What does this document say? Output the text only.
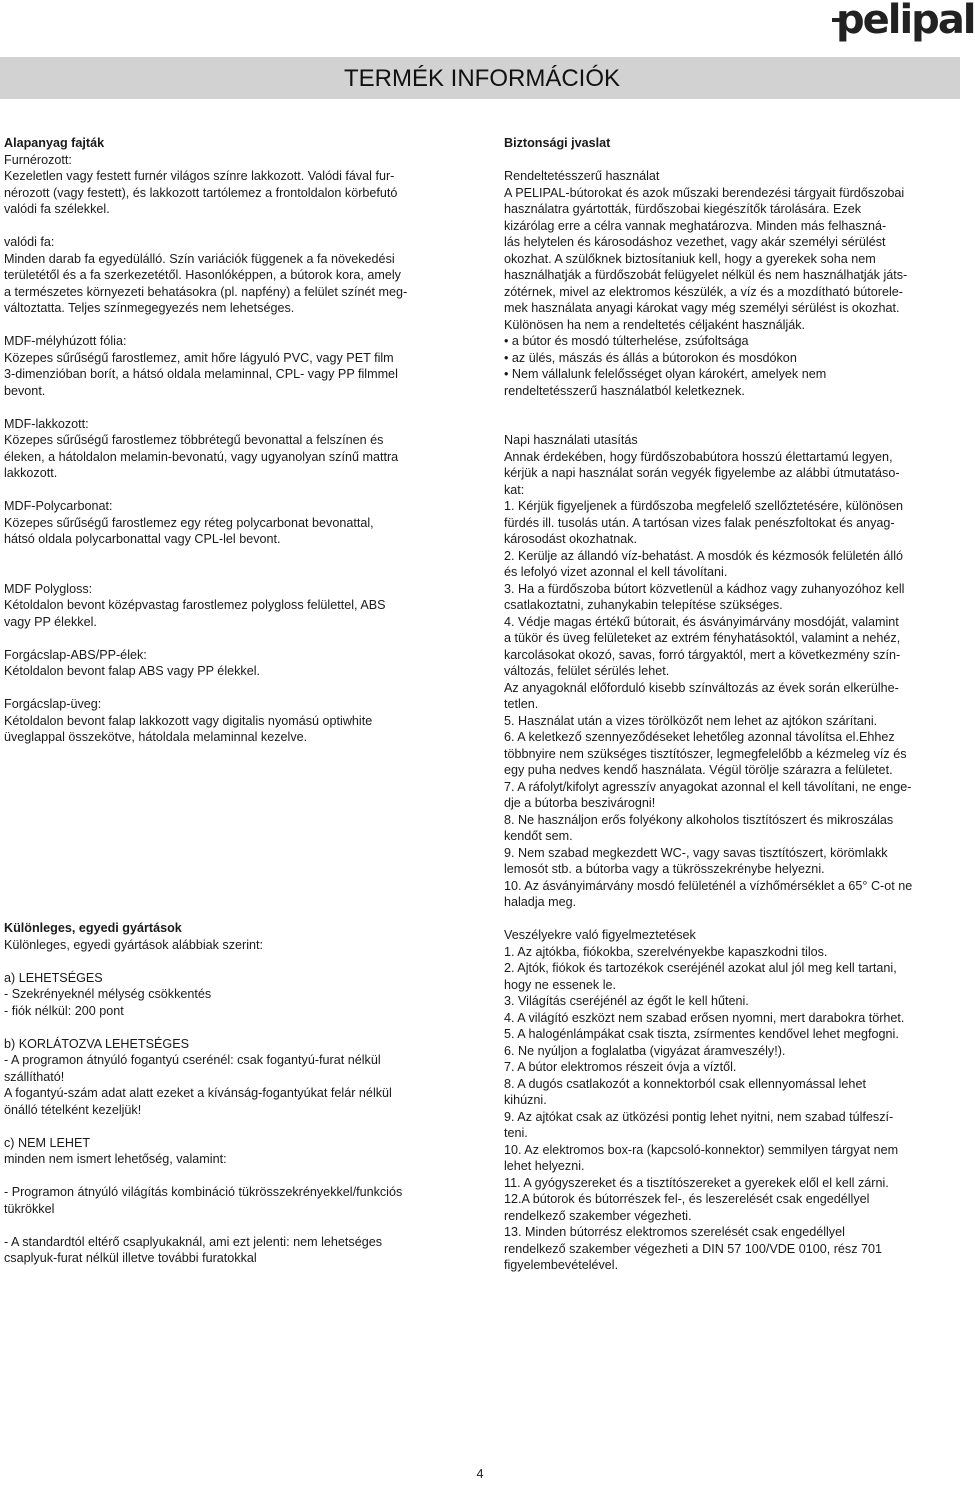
pelipal
TERMÉK INFORMÁCIÓK

Alapanyag fajták

Furnérozott:
Kezeletlen vagy festett furnér világos színre lakkozott. Valódi fával fur-
nérozott (vagy festett), és lakkozott tartólemez a frontoldalon körbefutó
valódi fa szélekkel.

valódi fa:
Minden darab fa egyedülálló. Szín variációk függenek a fa növekedési
területétől és a fa szerkezetétől. Hasonlóképpen, a bútorok kora, amely
a természetes környezeti behatásokra (pl. napfény) a felület színét meg-
változtatta. Teljes színmegegyezés nem lehetséges.

MDF-mélyhúzott fólia:
Közepes sűrűségű farostlemez, amit hőre lágyuló PVC, vagy PET film
3-dimenzióban borít, a hátsó oldala melaminnal, CPL- vagy PP filmmel
bevont.

MDF-lakkozott:
Közepes sűrűségű farostlemez többrétegű bevonattal a felszínen és
éleken, a hátoldalon melamin-bevonatú, vagy ugyanolyan színű mattra
lakkozott.

MDF-Polycarbonat:
Közepes sűrűségű farostlemez egy réteg polycarbonat bevonattal,
hátsó oldala polycarbonattal vagy CPL-lel bevont.

MDF Polygloss:
Kétoldalon bevont középvastag farostlemez polygloss felülettel, ABS
vagy PP élekkel.

Forgácslap-ABS/PP-élek:
Kétoldalon bevont falap ABS vagy PP élekkel.

Forgácslap-üveg:
Kétoldalon bevont falap lakkozott vagy digitalis nyomású optiwhite
üveglappal összekötve, hátoldala melaminnal kezelve.

Különleges, egyedi gyártások

Különleges, egyedi gyártások alábbiak szerint:

a) LEHETSÉGES
- Szekrényeknél mélység csökkentés
- fiók nélkül: 200 pont

b) KORLÁTOZVA LEHETSÉGES
- A programon átnyúló fogantyú cserénél: csak fogantyú-furat nélkül
szállítható!
A fogantyú-szám adat alatt ezeket a kívánság-fogantyúkat felár nélkül
önálló tételként kezeljük!

c) NEM LEHET
minden nem ismert lehetőség, valamint:

- Programon átnyúló világítás kombináció tükrösszekrényekkel/funkciós
tükrökkel

- A standardtól eltérő csaplyukaknál, ami ezt jelenti: nem lehetséges
csaplyuk-furat nélkül illetve további furatokkal

Biztonsági jvaslat

Rendeltetésszerű használat
A PELIPAL-bútorokat és azok műszaki berendezési tárgyait fürdőszobai
használatra gyártották, fürdőszobai kiegészítők tárolására. Ezek
kizárólag erre a célra vannak meghatározva. Minden más felhaszná-
lás helytelen és károsodáshoz vezethet, vagy akár személyi sérülést
okozhat. A szülőknek biztosítaniuk kell, hogy a gyerekek soha nem
használhatják a fürdőszobát felügyelet nélkül és nem használhatják játs-
zótérnek, mivel az elektromos készülék, a víz és a mozdítható bútorele-
mek használata anyagi károkat vagy még személyi sérülést is okozhat.
Különösen ha nem a rendeltetés céljaként használják.
• a bútor és mosdó túlterhelése, zsúfoltsága
• az ülés, mászás és állás a bútorokon és mosdókon
• Nem vállalunk felelősséget olyan károkért, amelyek nem
rendeltetésszerű használatból keletkeznek.

Napi használati utasítás
Annak érdekében, hogy fürdőszobabútora hosszú élettartamú legyen,
kérjük a napi használat során vegyék figyelembe az alábbi útmutatáso-
kat:
1. Kérjük figyeljenek a fürdőszoba megfelelő szellőztetésére, különösen
fürdés ill. tusolás után. A tartósan vizes falak penészfoltokat és anyag-
károsodást okozhatnak.
2. Kerülje az állandó víz-behatást. A mosdók és kézmosók felületén álló
és lefolyó vizet azonnal el kell távolítani.
3. Ha a fürdőszoba bútort közvetlenül a kádhoz vagy zuhanyozóhoz kell
csatlakoztatni, zuhanykabin telepítése szükséges.
4. Védje magas értékű bútorait, és ásványimárvány mosdóját, valamint
a tükör és üveg felületeket az extrém fényhatásoktól, valamint a nehéz,
karcolásokat okozó, savas, forró tárgyaktól, mert a következmény szín-
változás, felület sérülés lehet.
Az anyagoknál előforduló kisebb színváltozás az évek során elkerülhe-
tetlen.
5. Használat után a vizes törölközőt nem lehet az ajtókon szárítani.
6. A keletkező szennyeződéseket lehetőleg azonnal távolítsa el.Ehhez
többnyire nem szükséges tisztítószer, legmegfelelőbb a kézmeleg víz és
egy puha nedves kendő használata. Végül törölje szárazra a felületet.
7. A ráfolyt/kifolyt agresszív anyagokat azonnal el kell távolítani, ne enge-
dje a bútorba beszivárogni!
8. Ne használjon erős folyékony alkoholos tisztítószert és mikroszálas
kendőt sem.
9. Nem szabad megkezdett WC-, vagy savas tisztítószert, körömlakk
lemosót stb. a bútorba vagy a tükrösszekrénybe helyezni.
10. Az ásványimárvány mosdó felületénél a vízhőmérséklet a 65° C-ot ne
haladja meg.

Veszélyekre való figyelmeztetések
1. Az ajtókba, fiókokba, szerelvényekbe kapaszkodni tilos.
2. Ajtók, fiókok és tartozékok cseréjénél azokat alul jól meg kell tartani,
hogy ne essenek le.
3. Világítás cseréjénél az égőt le kell hűteni.
4. A világító eszközt nem szabad erősen nyomni, mert darabokra törhet.
5. A halogénlámpákat csak tiszta, zsírmentes kendővel lehet megfogni.
6. Ne nyúljon a foglalatba (vigyázat áramveszély!).
7. A bútor elektromos részeit óvja a víztől.
8. A dugós csatlakozót a konnektorból csak ellennyomással lehet
kihúzni.
9. Az ajtókat csak az ütközési pontig lehet nyitni, nem szabad túlfeszí-
teni.
10. Az elektromos box-ra (kapcsoló-konnektor) semmilyen tárgyat nem
lehet helyezni.
11. A gyógyszereket és a tisztítószereket a gyerekek elől el kell zárni.
12.A bútorok és bútorrészek fel-, és leszerelését csak engedéllyel
rendelkező szakember végezheti.
13. Minden bútorrész elektromos szerelését csak engedéllyel
rendelkező szakember végezheti a DIN 57 100/VDE 0100, rész 701
figyelembevételével.

4
